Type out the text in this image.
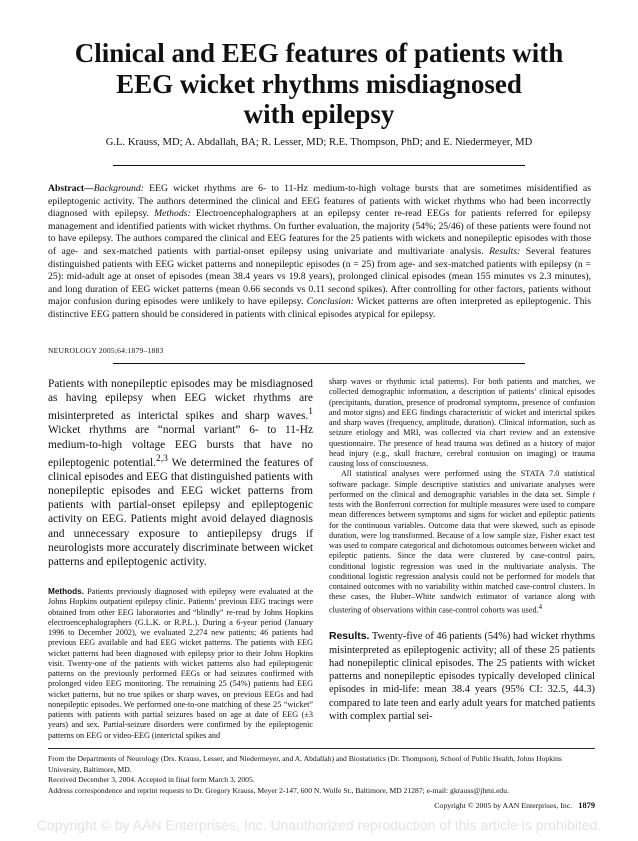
Clinical and EEG features of patients with
EEG wicket rhythms misdiagnosed
with epilepsy
G.L. Krauss, MD; A. Abdallah, BA; R. Lesser, MD; R.E. Thompson, PhD; and E. Niedermeyer, MD

Abstract—Background: EEG wicket rhythms are 6- to 11-Hz medium-to-high voltage bursts that are sometimes misidentified as epileptogenic activity. The authors determined the clinical and EEG features of patients with wicket rhythms who had been incorrectly diagnosed with epilepsy. Methods: Electroencephalographers at an epilepsy center re-read EEGs for patients referred for epilepsy management and identified patients with wicket rhythms. On further evaluation, the majority (54%; 25/46) of these patients were found not to have epilepsy. The authors compared the clinical and EEG features for the 25 patients with wickets and nonepileptic episodes with those of age- and sex-matched patients with partial-onset epilepsy using univariate and multivariate analysis. Results: Several features distinguished patients with EEG wicket patterns and nonepileptic episodes (n = 25) from age- and sex-matched patients with epilepsy (n = 25): mid-adult age at onset of episodes (mean 38.4 years vs 19.8 years), prolonged clinical episodes (mean 155 minutes vs 2.3 minutes), and long duration of EEG wicket patterns (mean 0.66 seconds vs 0.11 second spikes). After controlling for other factors, patients without major confusion during episodes were unlikely to have epilepsy. Conclusion: Wicket patterns are often interpreted as epileptogenic. This distinctive EEG pattern should be considered in patients with clinical episodes atypical for epilepsy.

NEUROLOGY 2005;64:1879–1883

Patients with nonepileptic episodes may be misdiagnosed as having epilepsy when EEG wicket rhythms are misinterpreted as interictal spikes and sharp waves.$^1$ Wicket rhythms are “normal variant” 6- to 11-Hz medium-to-high voltage EEG bursts that have no epileptogenic potential.$^{2,3}$ We determined the features of clinical episodes and EEG that distinguished patients with nonepileptic episodes and EEG wicket patterns from patients with partial-onset epilepsy and epileptogenic activity on EEG. Patients might avoid delayed diagnosis and unnecessary exposure to antiepilepsy drugs if neurologists more accurately discriminate between wicket patterns and epileptogenic activity.

Methods. Patients previously diagnosed with epilepsy were evaluated at the Johns Hopkins outpatient epilepsy clinic. Patients’ previous EEG tracings were obtained from other EEG laboratories and “blindly” re-read by Johns Hopkins electroencephalographers (G.L.K. or R.P.L.). During a 6-year period (January 1996 to December 2002), we evaluated 2,274 new patients; 46 patients had previous EEG available and had EEG wicket patterns. The patients with EEG wicket patterns had been diagnosed with epilepsy prior to their Johns Hopkins visit. Twenty-one of the patients with wicket patterns also had epileptogenic patterns on the previously performed EEGs or had seizures confirmed with prolonged video EEG monitoring. The remaining 25 (54%) patients had EEG wicket patterns, but no true spikes or sharp waves, on previous EEGs and had nonepileptic episodes. We performed one-to-one matching of these 25 “wicket” patients with patients with partial seizures based on age at date of EEG (±3 years) and sex. Partial-seizure disorders were confirmed by the epileptogenic patterns on EEG or video-EEG (interictal spikes and

sharp waves or rhythmic ictal patterns). For both patients and matches, we collected demographic information, a description of patients’ clinical episodes (precipitants, duration, presence of prodromal symptoms, presence of confusion and motor signs) and EEG findings characteristic of wicket and interictal spikes and sharp waves (frequency, amplitude, duration). Clinical information, such as seizure etiology and MRI, was collected via chart review and an extensive questionnaire. The presence of head trauma was defined as a history of major head injury (e.g., skull fracture, cerebral contusion on imaging) or trauma causing loss of consciousness.

All statistical analyses were performed using the STATA 7.0 statistical software package. Simple descriptive statistics and univariate analyses were performed on the clinical and demographic variables in the data set. Simple t tests with the Bonferroni correction for multiple measures were used to compare mean differences between symptoms and signs for wicket and epileptic patients for the continuous variables. Outcome data that were skewed, such as episode duration, were log transformed. Because of a low sample size, Fisher exact test was used to compare categorical and dichotomous outcomes between wicket and epileptic patients. Since the data were clustered by case-control pairs, conditional logistic regression was used in the multivariate analysis. The conditional logistic regression analysis could not be performed for models that contained outcomes with no variability within matched case-control clusters. In these cases, the Huber–White sandwich estimator of variance along with clustering of observations within case-control cohorts was used.$^4$

Results. Twenty-five of 46 patients (54%) had wicket rhythms misinterpreted as epileptogenic activity; all of these 25 patients had nonepileptic clinical episodes. The 25 patients with wicket patterns and nonepileptic episodes typically developed clinical episodes in mid-life: mean 38.4 years (95% CI: 32.5, 44.3) compared to late teen and early adult years for matched patients with complex partial sei-

From the Departments of Neurology (Drs. Krauss, Lesser, and Niedermeyer, and A. Abdallah) and Biostatistics (Dr. Thompson), School of Public Health, Johns Hopkins University, Baltimore, MD.

Received December 3, 2004. Accepted in final form March 3, 2005.

Address correspondence and reprint requests to Dr. Gregory Krauss, Meyer 2-147, 600 N. Wolfe St., Baltimore, MD 21287; e-mail: gkrauss@jhmi.edu.

Copyright © 2005 by AAN Enterprises, Inc. 1879
Copyright © by AAN Enterprises, Inc. Unauthorized reproduction of this article is prohibited.
